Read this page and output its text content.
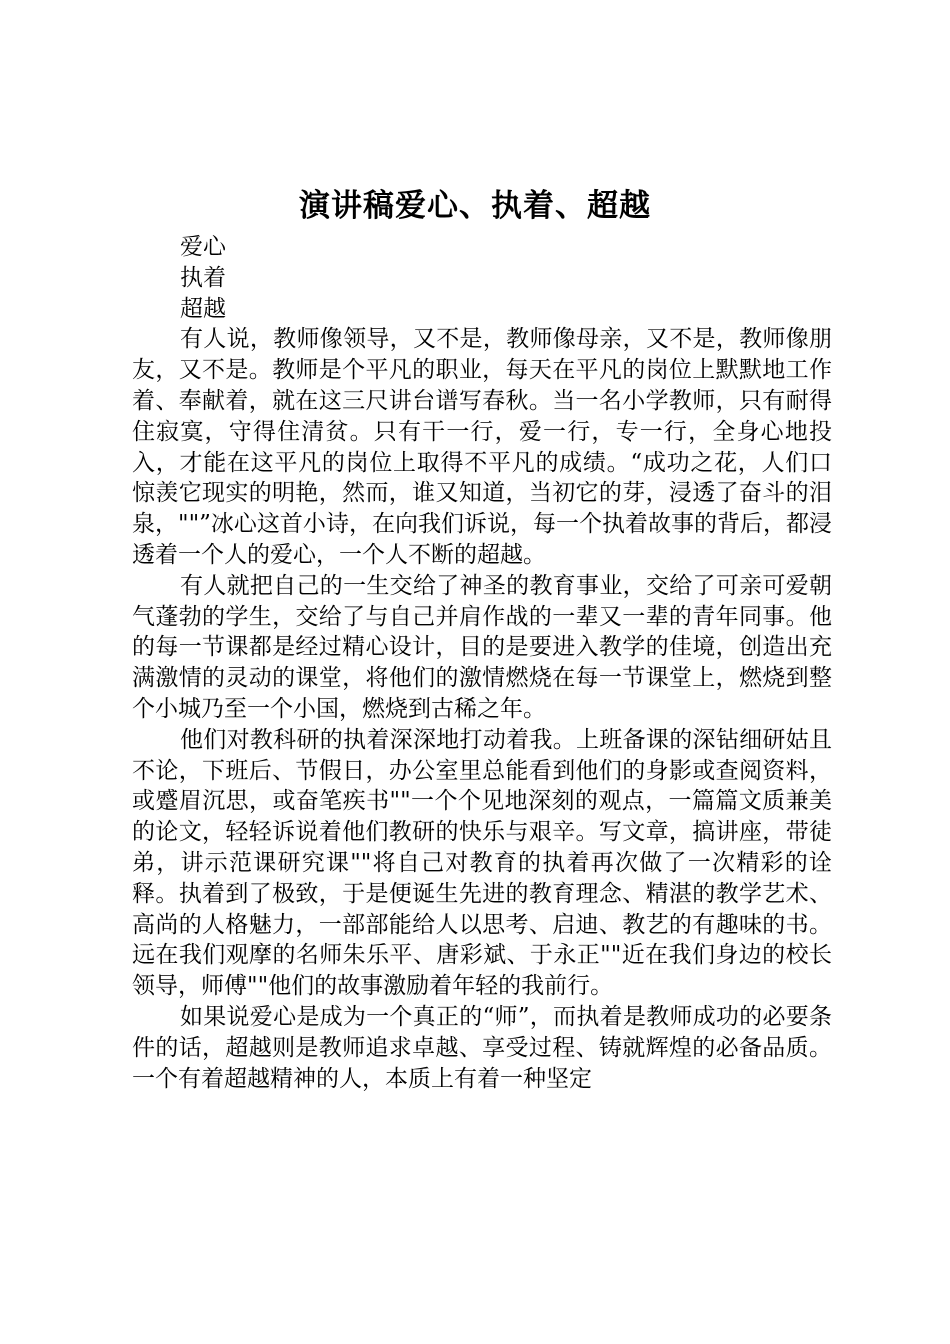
演讲稿爱心、执着、超越

爱心

执着

超越

有人说，教师像领导，又不是，教师像母亲，又不是，教师像朋友，又不是。教师是个平凡的职业，每天在平凡的岗位上默默地工作着、奉献着，就在这三尺讲台谱写春秋。当一名小学教师，只有耐得住寂寞，守得住清贫。只有干一行，爱一行，专一行，全身心地投入，才能在这平凡的岗位上取得不平凡的成绩。“成功之花，人们口惊羡它现实的明艳，然而，谁又知道，当初它的芽，浸透了奋斗的泪泉，""”冰心这首小诗，在向我们诉说，每一个执着故事的背后，都浸透着一个人的爱心，一个人不断的超越。

有人就把自己的一生交给了神圣的教育事业，交给了可亲可爱朝气蓬勃的学生，交给了与自己并肩作战的一辈又一辈的青年同事。他的每一节课都是经过精心设计，目的是要进入教学的佳境，创造出充满激情的灵动的课堂，将他们的激情燃烧在每一节课堂上，燃烧到整个小城乃至一个小国，燃烧到古稀之年。

他们对教科研的执着深深地打动着我。上班备课的深钻细研姑且不论，下班后、节假日，办公室里总能看到他们的身影或查阅资料，或蹙眉沉思，或奋笔疾书""一个个见地深刻的观点，一篇篇文质兼美的论文，轻轻诉说着他们教研的快乐与艰辛。写文章，搞讲座，带徒弟，讲示范课研究课""将自己对教育的执着再次做了一次精彩的诠释。执着到了极致，于是便诞生先进的教育理念、精湛的教学艺术、高尚的人格魅力，一部部能给人以思考、启迪、教艺的有趣味的书。远在我们观摩的名师朱乐平、唐彩斌、于永正""近在我们身边的校长领导，师傅""他们的故事激励着年轻的我前行。

如果说爱心是成为一个真正的“师”，而执着是教师成功的必要条件的话，超越则是教师追求卓越、享受过程、铸就辉煌的必备品质。一个有着超越精神的人，本质上有着一种坚定
